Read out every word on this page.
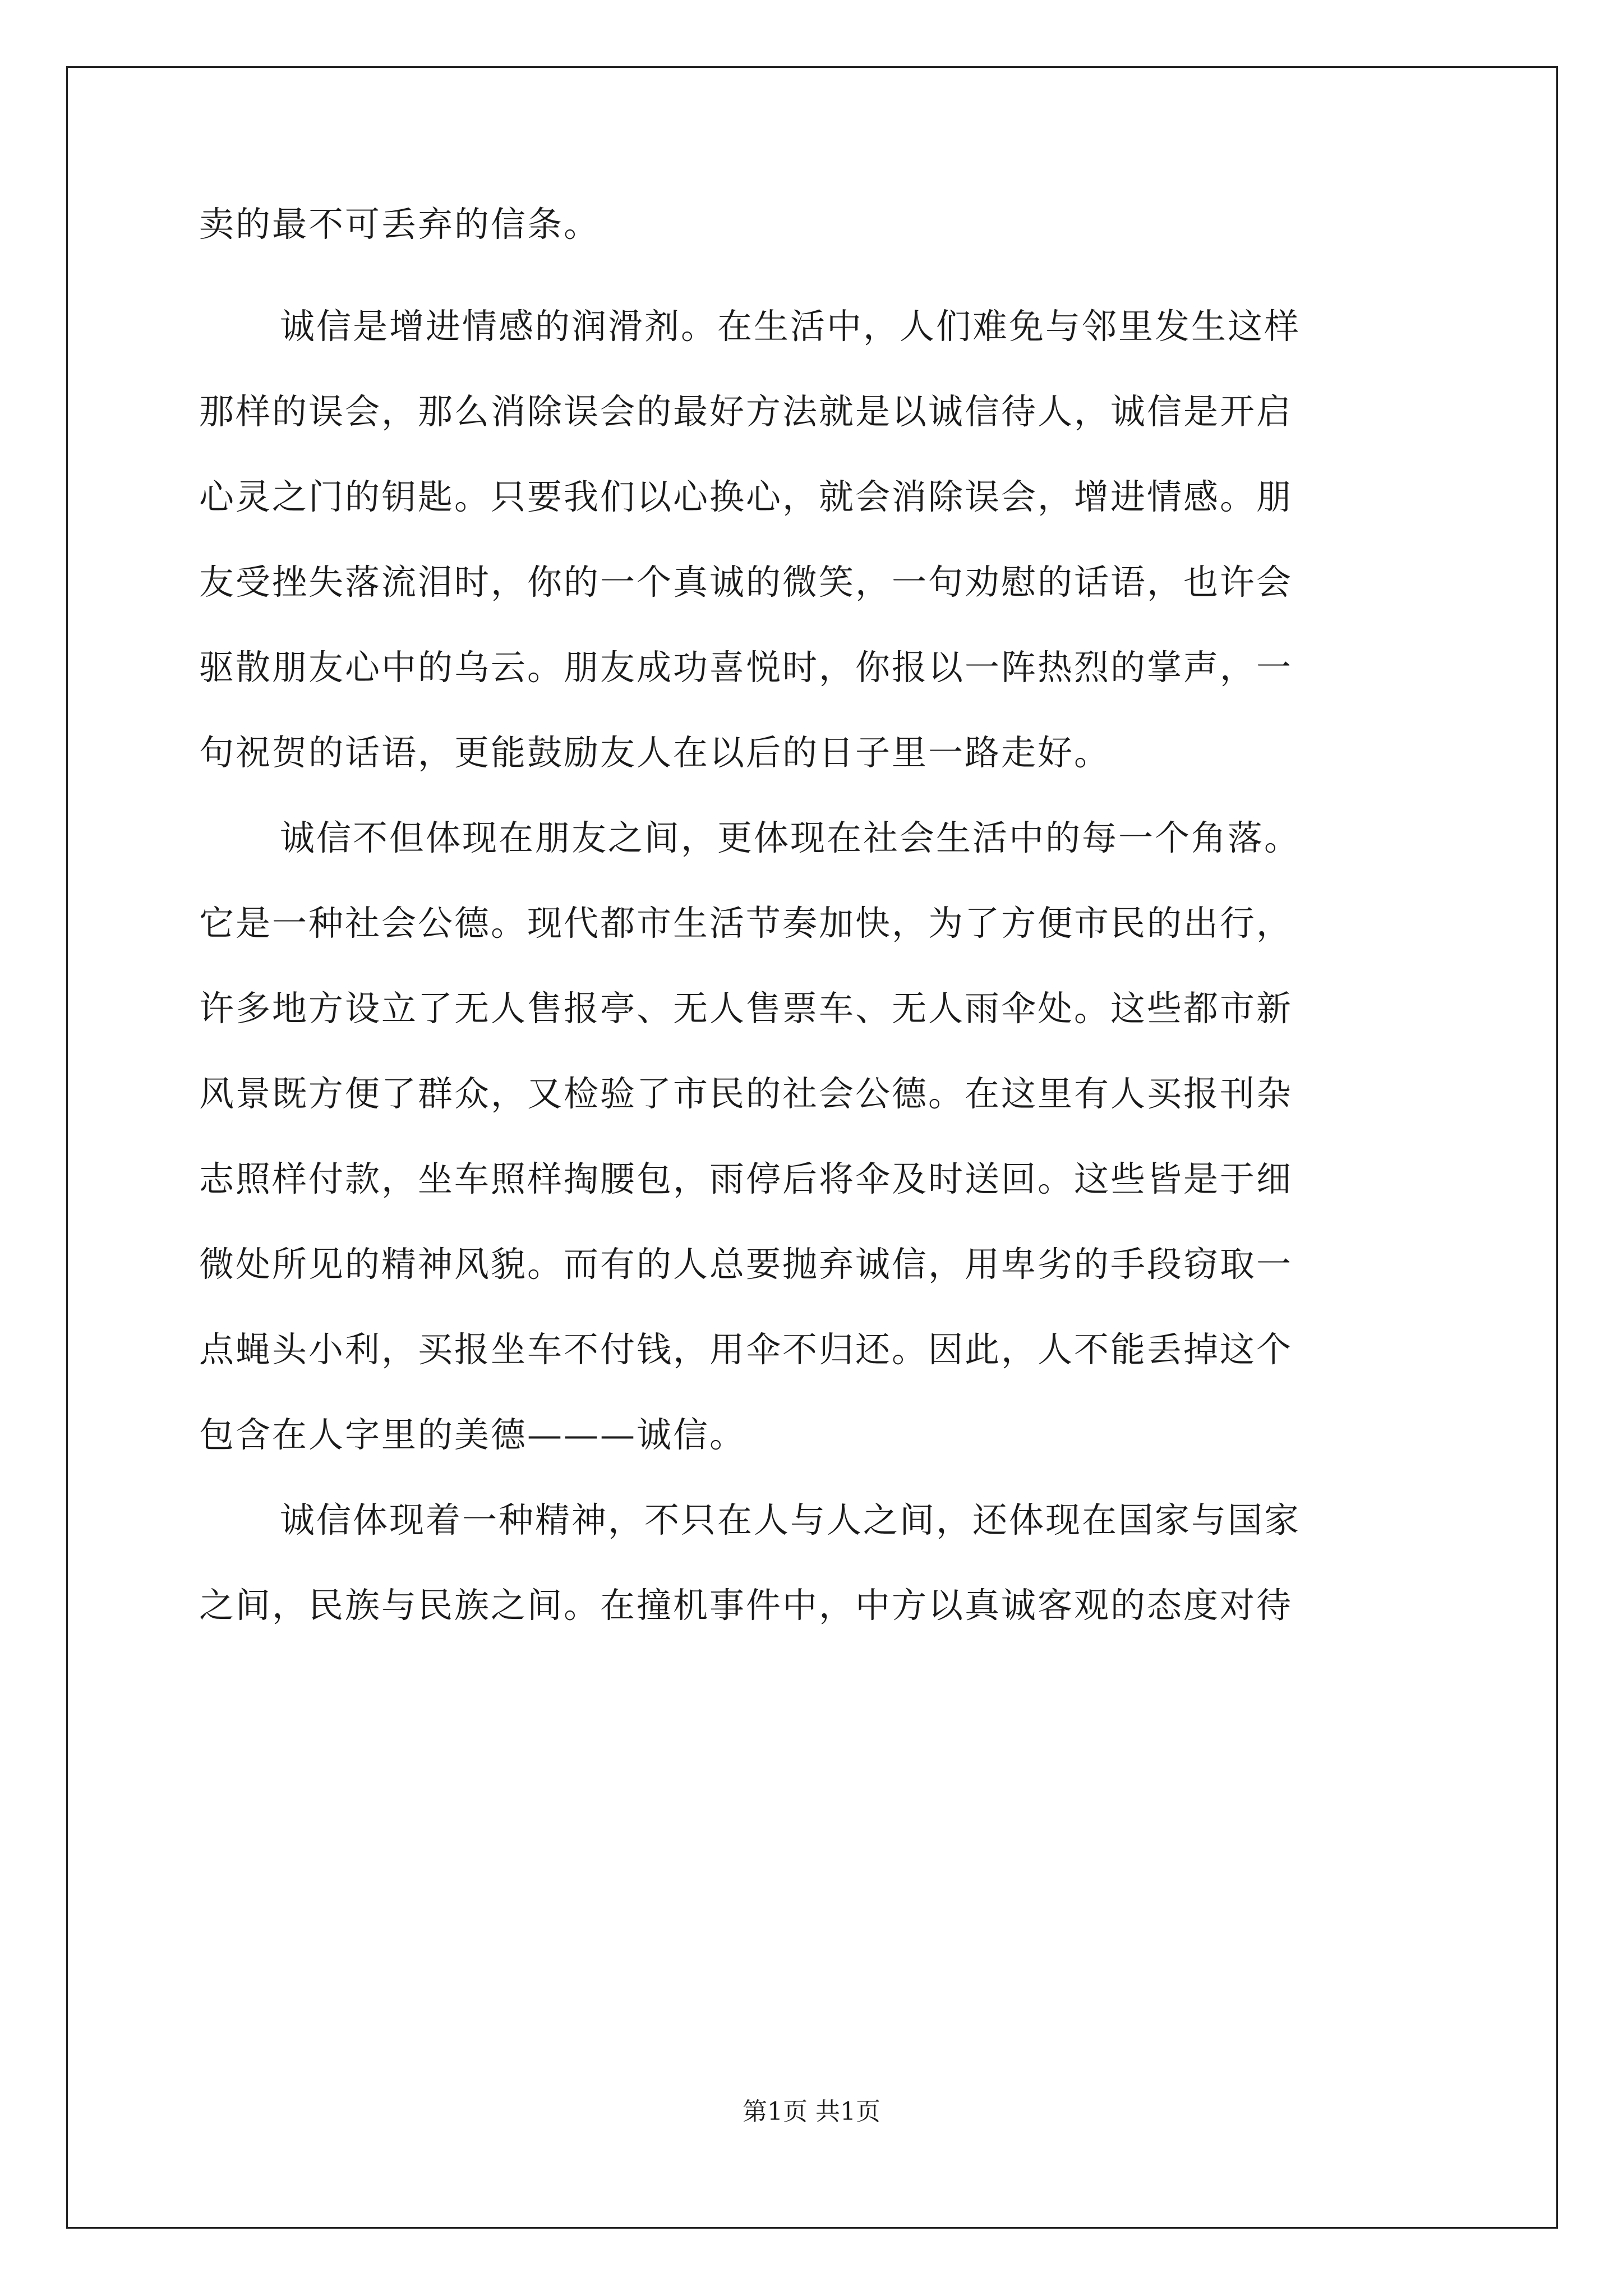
卖的最不可丢弃的信条。
诚信是增进情感的润滑剂。在生活中，人们难免与邻里发生这样
那样的误会，那么消除误会的最好方法就是以诚信待人，诚信是开启
心灵之门的钥匙。只要我们以心换心，就会消除误会，增进情感。朋
友受挫失落流泪时，你的一个真诚的微笑，一句劝慰的话语，也许会
驱散朋友心中的乌云。朋友成功喜悦时，你报以一阵热烈的掌声，一
句祝贺的话语，更能鼓励友人在以后的日子里一路走好。
诚信不但体现在朋友之间，更体现在社会生活中的每一个角落。
它是一种社会公德。现代都市生活节奏加快，为了方便市民的出行，
许多地方设立了无人售报亭、无人售票车、无人雨伞处。这些都市新
风景既方便了群众，又检验了市民的社会公德。在这里有人买报刊杂
志照样付款，坐车照样掏腰包，雨停后将伞及时送回。这些皆是于细
微处所见的精神风貌。而有的人总要抛弃诚信，用卑劣的手段窃取一
点蝇头小利，买报坐车不付钱，用伞不归还。因此，人不能丢掉这个
包含在人字里的美德———诚信。
诚信体现着一种精神，不只在人与人之间，还体现在国家与国家
之间，民族与民族之间。在撞机事件中，中方以真诚客观的态度对待
第1页 共1页
